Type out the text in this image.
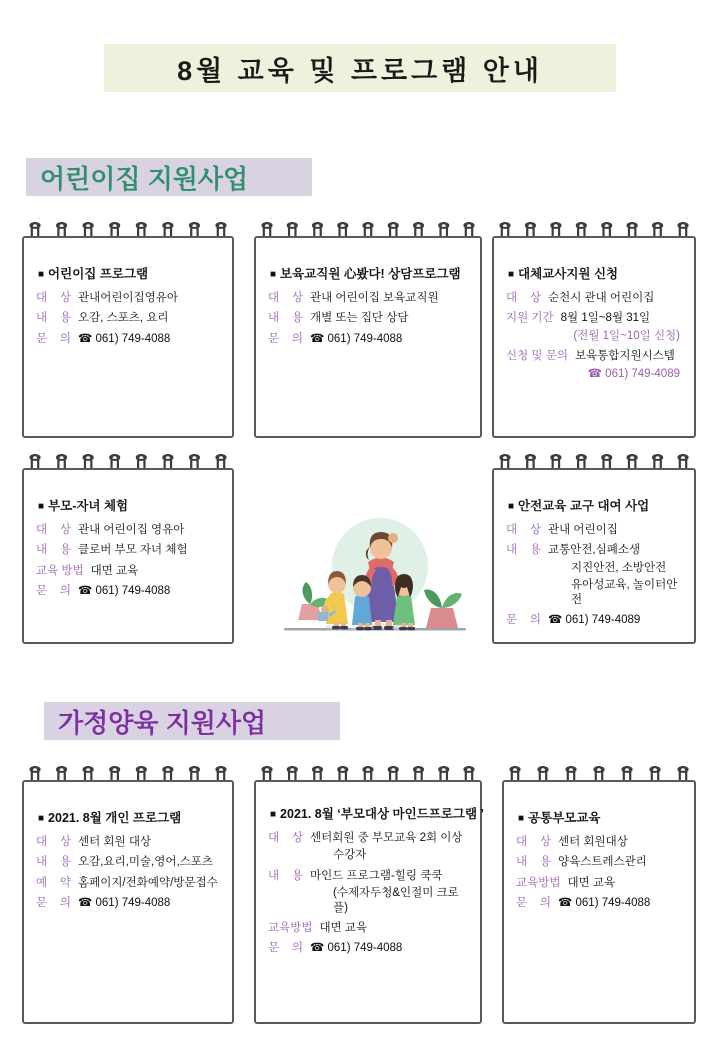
8월 교육 및 프로그램 안내
어린이집 지원사업
가정양육 지원사업
■ 어린이집 프로그램
대    상 관내어린이집영유아
내    용 오감, 스포츠, 요리
문    의 ☎ 061) 749-4088
■ 보육교직원 心봤다! 상담프로그램
대    상 관내 어린이집 보육교직원
내    용 개별 또는 집단 상담
문    의 ☎ 061) 749-4088
■ 대체교사지원 신청
대    상 순천시 관내 어린이집
지원 기간 8월 1일~8월 31일
(전월 1일~10일 신청)
신청 및 문의 보육통합지원시스템
☎ 061) 749-4089
■ 부모-자녀 체험
대    상 관내 어린이집 영유아
내    용 클로버 부모 자녀 체험
교육 방법 대면 교육
문    의 ☎ 061) 749-4088
■ 안전교육 교구 대여 사업
대    상 관내 어린이집
내    용 교통안전,심폐소생
지진안전, 소방안전
유아성교육, 놀이터안전
문    의 ☎ 061) 749-4089
■ 2021. 8월 개인 프로그램
대    상 센터 회원 대상
내    용 오감,요리,미술,영어,스포츠
예    약 홈페이지/전화예약/방문접수
문    의 ☎ 061) 749-4088
■ 2021. 8월 ‘부모대상 마인드프로그램 ’
대    상 센터회원 중 부모교육 2회 이상
수강자
내    용 마인드 프로그램-힐링 쿡쿡
(수제자두청&인절미 크로플)
교육방법 대면 교육
문    의 ☎ 061) 749-4088
■ 공통부모교육
대    상 센터 회원대상
내    용 양육스트레스관리
교육방법 대면 교육
문    의 ☎ 061) 749-4088
